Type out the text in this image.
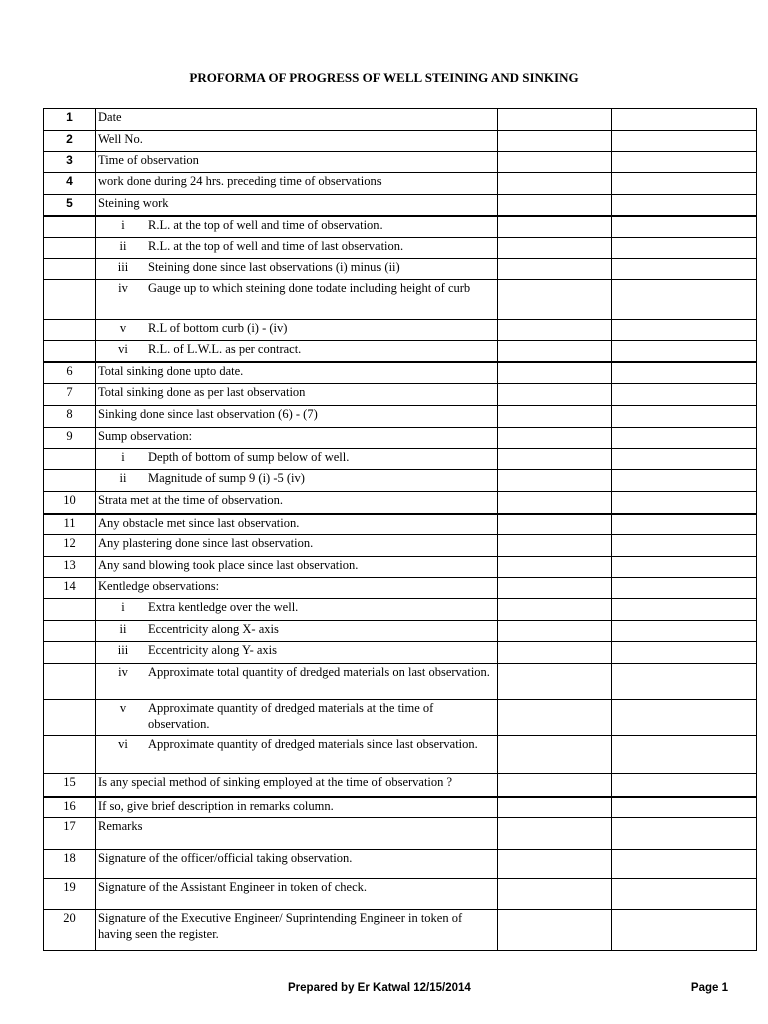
PROFORMA OF PROGRESS OF WELL STEINING AND SINKING
1	Date		
2	Well No.		
3	Time of observation		
4	work done during 24 hrs. preceding time of observations		
5	Steining work		

	i R.L. at the top of well and time of observation.		

	ii R.L. at the top of well and time of last observation.		

	iii Steining done since last observations (i) minus (ii)		

	iv Gauge up to which steining done todate including height of curb		

	v R.L of bottom curb (i) - (iv)		

	vi R.L. of L.W.L. as per contract.		

6	Total sinking done upto date.		
7	Total sinking done as per last observation		
8	Sinking done since last observation (6) - (7)		
9	Sump observation:		

	i Depth of bottom of sump below of well.		

	ii Magnitude of sump 9 (i) -5 (iv)		

10	Strata met at the time of observation.		
11	Any obstacle met since last observation.		
12	Any plastering done since last observation.		
13	Any sand blowing took place since last observation.		
14	Kentledge observations:		

	i Extra kentledge over the well.		

	ii Eccentricity along X- axis		

	iii Eccentricity along Y- axis		

	iv Approximate total quantity of dredged materials on last observation.		

	v Approximate quantity of dredged materials at the time of observation.		

	vi Approximate quantity of dredged materials since last observation.		

15	Is any special method of sinking employed at the time of observation ?		
16	If so, give brief description in remarks column.		
17	Remarks		
18	Signature of the officer/official taking observation.		
19	Signature of the Assistant Engineer in token of check.		
20	Signature of the Executive Engineer/ Suprintending Engineer in token of having seen the register.		
Prepared by Er Katwal 12/15/2014	Page 1
